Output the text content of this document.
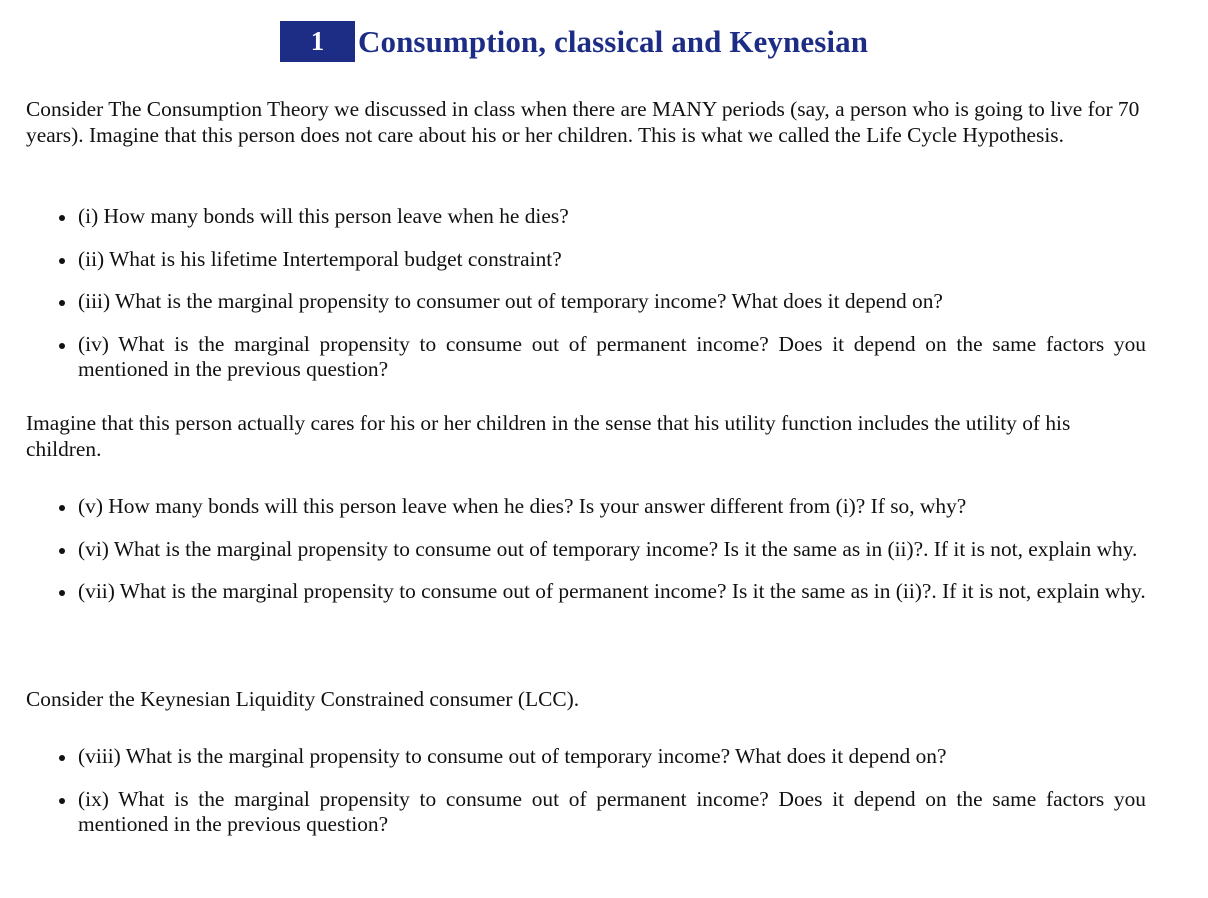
1	Consumption, classical and Keynesian

Consider The Consumption Theory we discussed in class when there are MANY periods (say, a person who is going to live for 70 years). Imagine that this person does not care about his or her children. This is what we called the Life Cycle Hypothesis.

(i) How many bonds will this person leave when he dies?
(ii) What is his lifetime Intertemporal budget constraint?
(iii) What is the marginal propensity to consumer out of temporary income? What does it depend on?
(iv) What is the marginal propensity to consume out of permanent income? Does it depend on the same factors you mentioned in the previous question?

Imagine that this person actually cares for his or her children in the sense that his utility function includes the utility of his children.

(v) How many bonds will this person leave when he dies? Is your answer different from (i)? If so, why?
(vi) What is the marginal propensity to consume out of temporary income? Is it the same as in (ii)?. If it is not, explain why.
(vii) What is the marginal propensity to consume out of permanent income? Is it the same as in (ii)?. If it is not, explain why.

Consider the Keynesian Liquidity Constrained consumer (LCC).

(viii) What is the marginal propensity to consume out of temporary income? What does it depend on?
(ix) What is the marginal propensity to consume out of permanent income? Does it depend on the same factors you mentioned in the previous question?
